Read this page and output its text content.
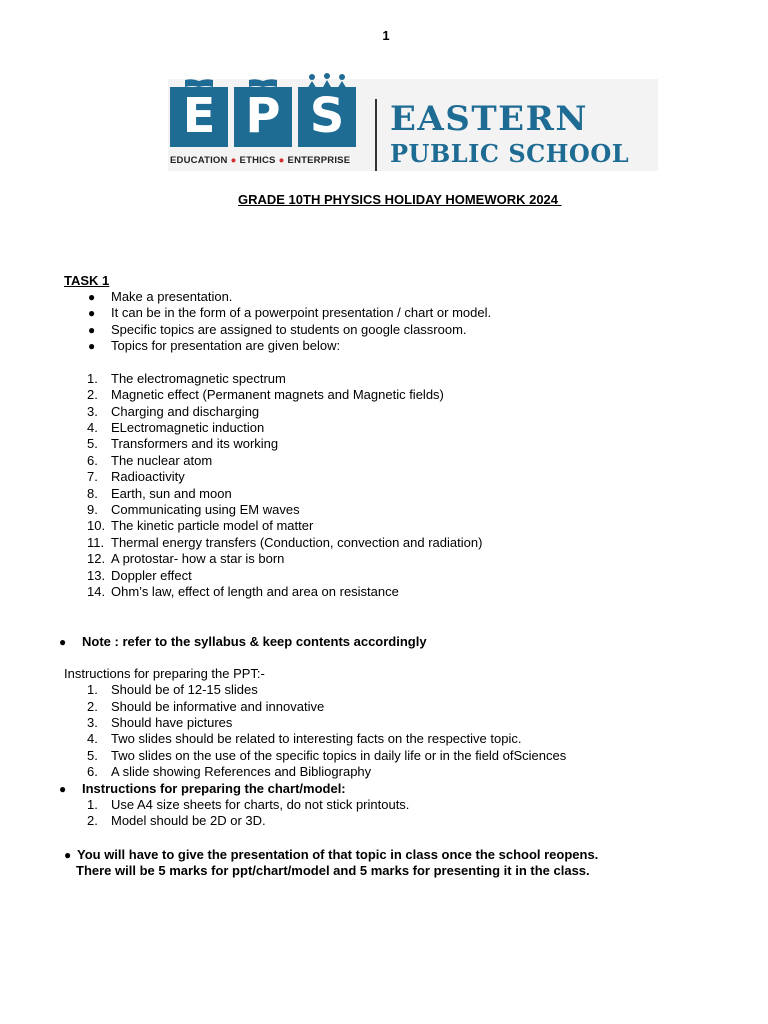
1
E P S
EDUCATION ● ETHICS ● ENTERPRISE
EASTERN
PUBLIC SCHOOL
GRADE 10TH PHYSICS HOLIDAY HOMEWORK 2024
TASK 1
● Make a presentation.
● It can be in the form of a powerpoint presentation / chart or model.
● Specific topics are assigned to students on google classroom.
● Topics for presentation are given below:
1. The electromagnetic spectrum
2. Magnetic effect (Permanent magnets and Magnetic fields)
3. Charging and discharging
4. ELectromagnetic induction
5. Transformers and its working
6. The nuclear atom
7. Radioactivity
8. Earth, sun and moon
9. Communicating using EM waves
10. The kinetic particle model of matter
11. Thermal energy transfers (Conduction, convection and radiation)
12. A protostar- how a star is born
13. Doppler effect
14. Ohm’s law, effect of length and area on resistance
● Note : refer to the syllabus & keep contents accordingly
Instructions for preparing the PPT:-
1. Should be of 12-15 slides
2. Should be informative and innovative
3. Should have pictures
4. Two slides should be related to interesting facts on the respective topic.
5. Two slides on the use of the specific topics in daily life or in the field ofSciences
6. A slide showing References and Bibliography
● Instructions for preparing the chart/model:
1. Use A4 size sheets for charts, do not stick printouts.
2. Model should be 2D or 3D.
● You will have to give the presentation of that topic in class once the school reopens.
There will be 5 marks for ppt/chart/model and 5 marks for presenting it in the class.
